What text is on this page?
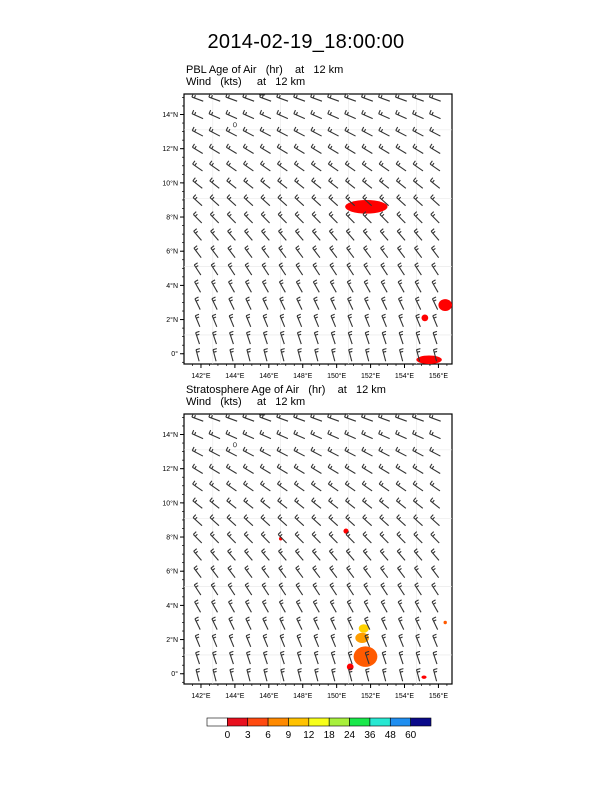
2014-02-19_18:00:00
PBL Age of Air   (hr)    at   12 km
Wind   (kts)     at   12 km
Stratosphere Age of Air   (hr)    at   12 km
Wind   (kts)     at   12 km
142°E 144°E 146°E 148°E 150°E 152°E 154°E 156°E
0°
2°N
4°N
6°N
8°N
10°N
12°N
14°N
142°E 144°E 146°E 148°E 150°E 152°E 154°E 156°E
0°
2°N
4°N
6°N
8°N
10°N
12°N
14°N
0 3 6 9 12 18 24 36 48 60
